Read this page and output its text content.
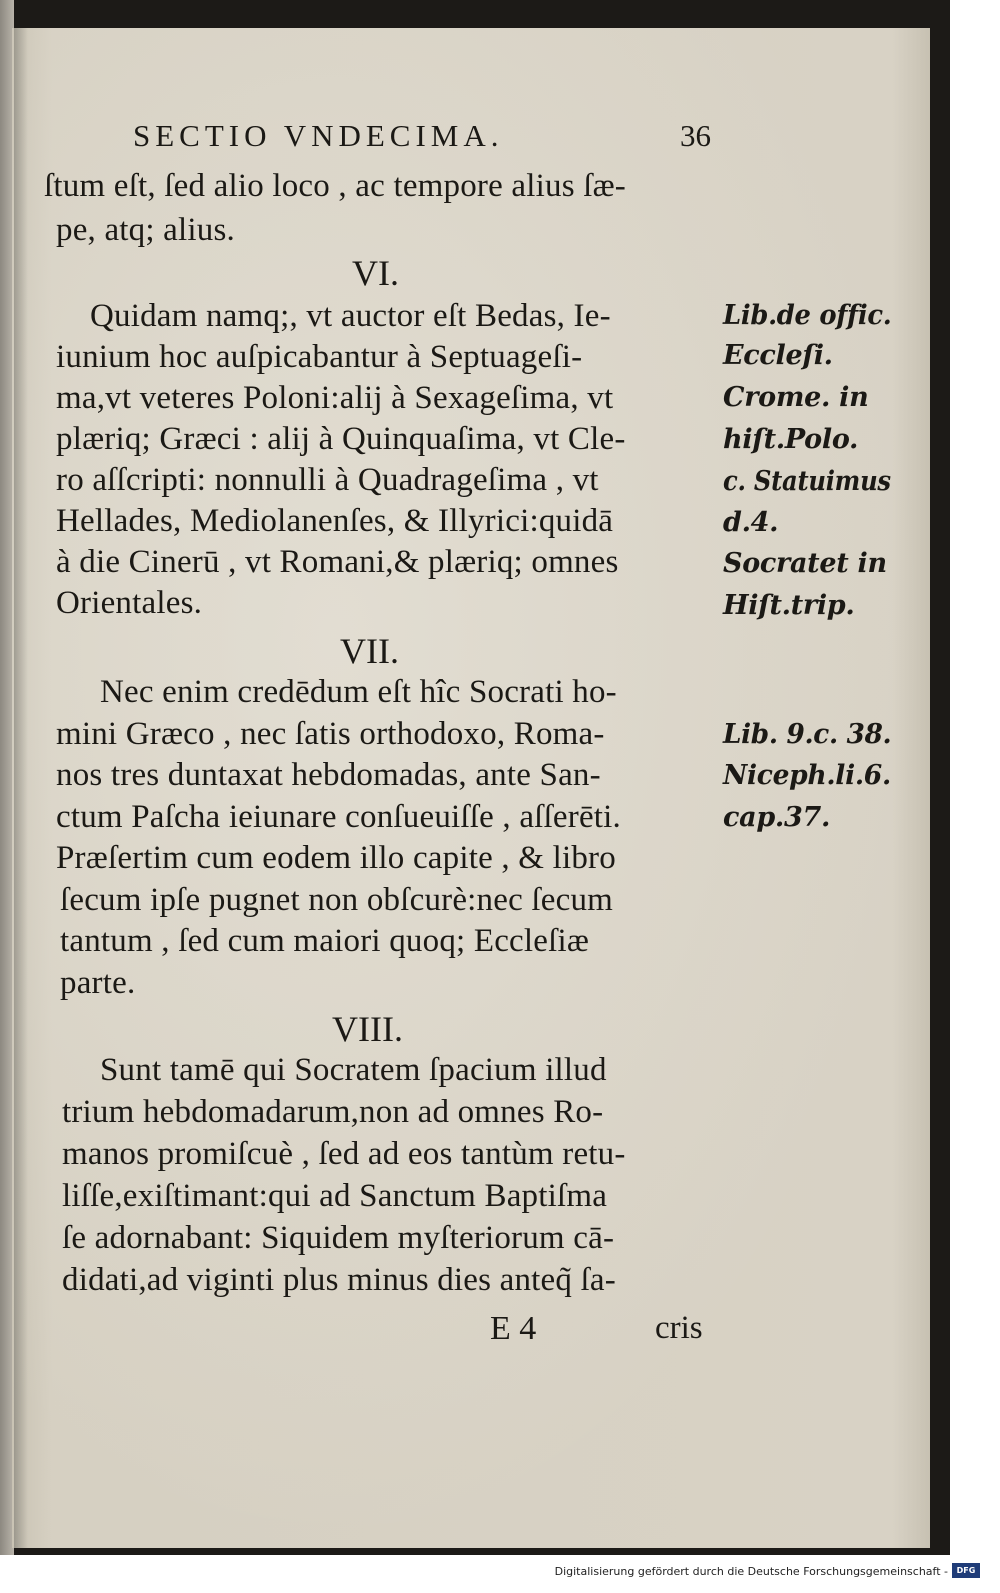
SECTIO VNDECIMA.	36
ſtum eſt, ſed alio loco , ac tempore alius ſæ-
pe, atq; alius.
VI.
Quidam namq;, vt auctor eſt Bedas, Ie-
iunium hoc auſpicabantur à Septuageſi-
ma,vt veteres Poloni:alij à Sexageſima, vt
plæriq; Græci : alij à Quinquaſima, vt Cle-
ro aſſcripti: nonnulli à Quadrageſima , vt
Hellades, Mediolanenſes, & Illyrici:quidā
à die Cinerū , vt Romani,& plæriq; omnes
Orientales.
VII.
Nec enim credēdum eſt hîc Socrati ho-
mini Græco , nec ſatis orthodoxo, Roma-
nos tres duntaxat hebdomadas, ante San-
ctum Paſcha ieiunare conſueuiſſe , aſſerēti.
Præſertim cum eodem illo capite , & libro
ſecum ipſe pugnet non obſcurè:nec ſecum
tantum , ſed cum maiori quoq; Eccleſiæ
parte.
VIII.
Sunt tamē qui Socratem ſpacium illud
trium hebdomadarum,non ad omnes Ro-
manos promiſcuè , ſed ad eos tantùm retu-
liſſe,exiſtimant:qui ad Sanctum Baptiſma
ſe adornabant: Siquidem myſteriorum cā-
didati,ad viginti plus minus dies anteq̃ ſa-
Lib.de offic.
Eccleſi.
Crome. in
hiſt.Polo.
c. Statuimus
d.4.
Socratet in
Hiſt.trip.
Lib. 9.c. 38.
Niceph.li.6.
cap.37.
E 4	cris
Digitalisierung gefördert durch die Deutsche Forschungsgemeinschaft -	DFG
